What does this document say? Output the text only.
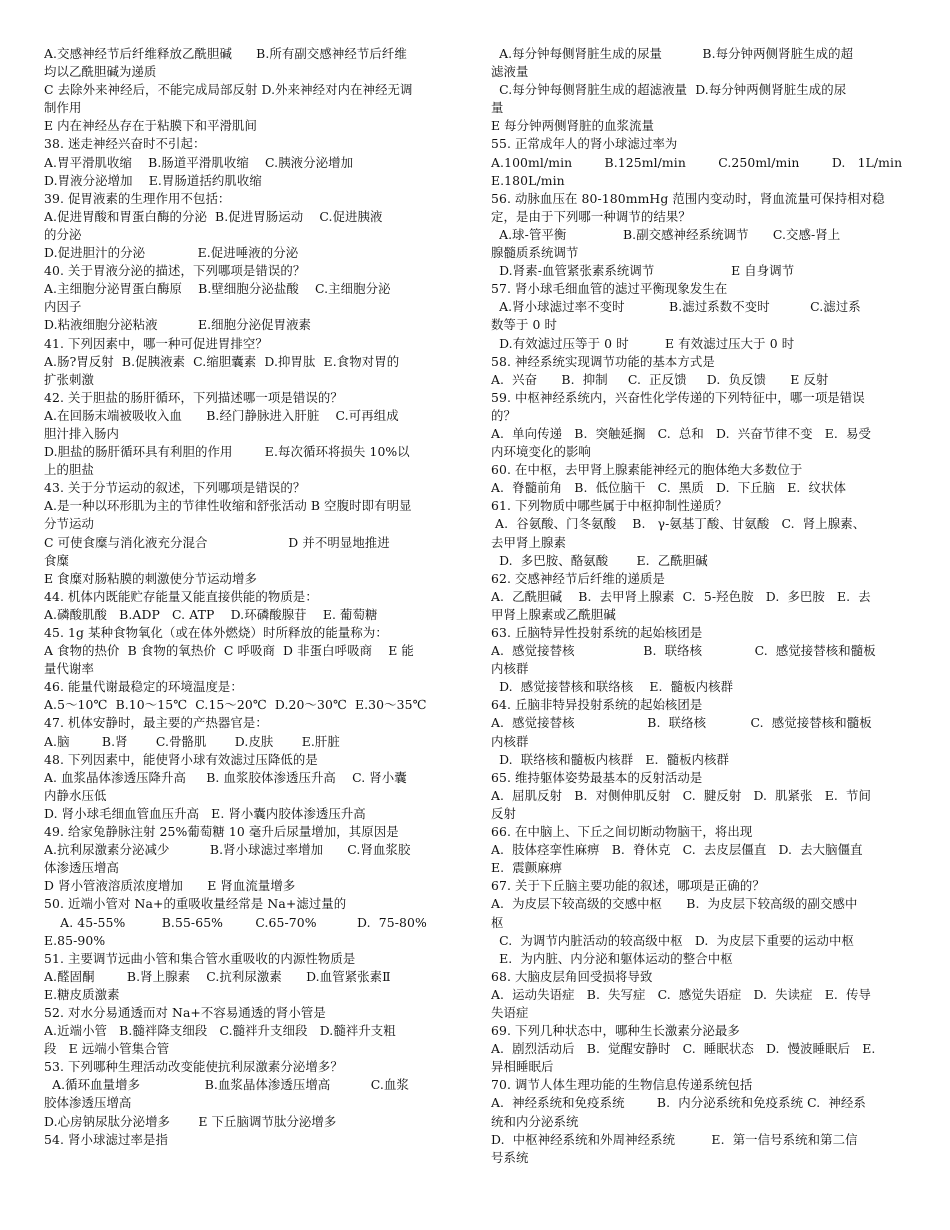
A.交感神经节后纤维释放乙酰胆碱      B.所有副交感神经节后纤维
均以乙酰胆碱为递质
C 去除外来神经后，不能完成局部反射 D.外来神经对内在神经无调
制作用
E 内在神经丛存在于粘膜下和平滑肌间
38. 迷走神经兴奋时不引起：
A.胃平滑肌收缩    B.肠道平滑肌收缩    C.胰液分泌增加
D.胃液分泌增加    E.胃肠道括约肌收缩
39. 促胃液素的生理作用不包括：
A.促进胃酸和胃蛋白酶的分泌  B.促进胃肠运动    C.促进胰液
的分泌
D.促进胆汁的分泌             E.促进唾液的分泌
40. 关于胃液分泌的描述，下列哪项是错误的？
A.主细胞分泌胃蛋白酶原    B.壁细胞分泌盐酸    C.主细胞分泌
内因子
D.粘液细胞分泌粘液          E.细胞分泌促胃液素
41. 下列因素中，哪一种可促进胃排空？
A.肠?胃反射  B.促胰液素  C.缩胆囊素  D.抑胃肽  E.食物对胃的
扩张刺激
42. 关于胆盐的肠肝循环，下列描述哪一项是错误的？
A.在回肠末端被吸收入血      B.经门静脉进入肝脏    C.可再组成
胆汁排入肠内
D.胆盐的肠肝循环具有利胆的作用        E.每次循环将损失 10%以
上的胆盐
43. 关于分节运动的叙述，下列哪项是错误的？
A.是一种以环形肌为主的节律性收缩和舒张活动 B 空腹时即有明显
分节运动
C 可使食糜与消化液充分混合                    D 并不明显地推进
食糜
E 食糜对肠粘膜的刺激使分节运动增多
44. 机体内既能贮存能量又能直接供能的物质是：
A.磷酸肌酸   B.ADP   C. ATP    D.环磷酸腺苷    E. 葡萄糖
45. 1g 某种食物氧化（或在体外燃烧）时所释放的能量称为：
A 食物的热价  B 食物的氧热价  C 呼吸商  D 非蛋白呼吸商    E 能
量代谢率
46. 能量代谢最稳定的环境温度是：
A.5～10℃  B.10～15℃  C.15～20℃  D.20～30℃  E.30～35℃
47. 机体安静时，最主要的产热器官是：
A.脑        B.肾       C.骨骼肌       D.皮肤       E.肝脏
48. 下列因素中，能使肾小球有效滤过压降低的是
A. 血浆晶体渗透压降升高     B. 血浆胶体渗透压升高    C. 肾小囊
内静水压低
D. 肾小球毛细血管血压升高   E. 肾小囊内胶体渗透压升高
49. 给家兔静脉注射 25%葡萄糖 10 毫升后尿量增加，其原因是
A.抗利尿激素分泌减少          B.肾小球滤过率增加      C.肾血浆胶
体渗透压增高
D 肾小管液溶质浓度增加      E 肾血流量增多
50. 近端小管对 Na+的重吸收量经常是 Na+滤过量的
A. 45-55%         B.55-65%        C.65-70%          D.  75-80%
E.85-90%
51. 主要调节远曲小管和集合管水重吸收的内源性物质是
A.醛固酮        B.肾上腺素    C.抗利尿激素      D.血管紧张素Ⅱ
E.糖皮质激素
52. 对水分易通透而对 Na+不容易通透的肾小管是
A.近端小管   B.髓袢降支细段   C.髓袢升支细段   D.髓袢升支粗
段   E 远端小管集合管
53. 下列哪种生理活动改变能使抗利尿激素分泌增多？
A.循环血量增多                B.血浆晶体渗透压增高          C.血浆
胶体渗透压增高
D.心房钠尿肽分泌增多       E 下丘脑调节肽分泌增多
54. 肾小球滤过率是指
A.每分钟每侧肾脏生成的尿量          B.每分钟两侧肾脏生成的超
滤液量
C.每分钟每侧肾脏生成的超滤液量  D.每分钟两侧肾脏生成的尿
量
E 每分钟两侧肾脏的血浆流量
55. 正常成年人的肾小球滤过率为
A.100ml/min        B.125ml/min        C.250ml/min        D.   1L/min
E.180L/min
56. 动脉血压在 80-180mmHg 范围内变动时，肾血流量可保持相对稳
定，是由于下列哪一种调节的结果？
A.球-管平衡              B.副交感神经系统调节      C.交感-肾上
腺髓质系统调节
D.肾素-血管紧张素系统调节                   E 自身调节
57. 肾小球毛细血管的滤过平衡现象发生在
A.肾小球滤过率不变时           B.滤过系数不变时          C.滤过系
数等于 0 时
D.有效滤过压等于 0 时         E 有效滤过压大于 0 时
58. 神经系统实现调节功能的基本方式是
A.  兴奋      B.  抑制     C.  正反馈     D.  负反馈      E 反射
59. 中枢神经系统内，兴奋性化学传递的下列特征中，哪一项是错误
的？
A.  单向传递   B.  突触延搁   C.  总和   D.  兴奋节律不变   E.  易受
内环境变化的影响
60. 在中枢，去甲肾上腺素能神经元的胞体绝大多数位于
A.  脊髓前角   B.  低位脑干   C.  黑质   D.  下丘脑   E.  纹状体
61. 下列物质中哪些属于中枢抑制性递质？
A.  谷氨酸、门冬氨酸    B.   γ-氨基丁酸、甘氨酸   C.  肾上腺素、
去甲肾上腺素
D.  多巴胺、酪氨酸       E.  乙酰胆碱
62. 交感神经节后纤维的递质是
A.  乙酰胆碱    B.  去甲肾上腺素  C.  5-羟色胺   D.  多巴胺   E.  去
甲肾上腺素或乙酰胆碱
63. 丘脑特异性投射系统的起始核团是
A.  感觉接替核                 B.  联络核             C.  感觉接替核和髓板
内核群
D.  感觉接替核和联络核    E.  髓板内核群
64. 丘脑非特异投射系统的起始核团是
A.  感觉接替核                  B.  联络核           C.  感觉接替核和髓板
内核群
D.  联络核和髓板内核群   E.  髓板内核群
65. 维持躯体姿势最基本的反射活动是
A.  屈肌反射   B.  对侧伸肌反射   C.  腱反射   D.  肌紧张   E.  节间
反射
66. 在中脑上、下丘之间切断动物脑干，将出现
A.  肢体痉挛性麻痹   B.  脊休克   C.  去皮层僵直   D.  去大脑僵直
E.  震颤麻痹
67. 关于下丘脑主要功能的叙述，哪项是正确的？
A.  为皮层下较高级的交感中枢      B.  为皮层下较高级的副交感中
枢
C.  为调节内脏活动的较高级中枢   D.  为皮层下重要的运动中枢
E.  为内脏、内分泌和躯体运动的整合中枢
68. 大脑皮层角回受损将导致
A.  运动失语症   B.  失写症   C.  感觉失语症   D.  失读症   E.  传导
失语症
69. 下列几种状态中，哪种生长激素分泌最多
A.  剧烈活动后   B.  觉醒安静时   C.  睡眠状态   D.  慢波睡眠后   E.
异相睡眠后
70. 调节人体生理功能的生物信息传递系统包括
A.  神经系统和免疫系统        B.  内分泌系统和免疫系统 C.  神经系
统和内分泌系统
D.  中枢神经系统和外周神经系统         E.  第一信号系统和第二信
号系统
